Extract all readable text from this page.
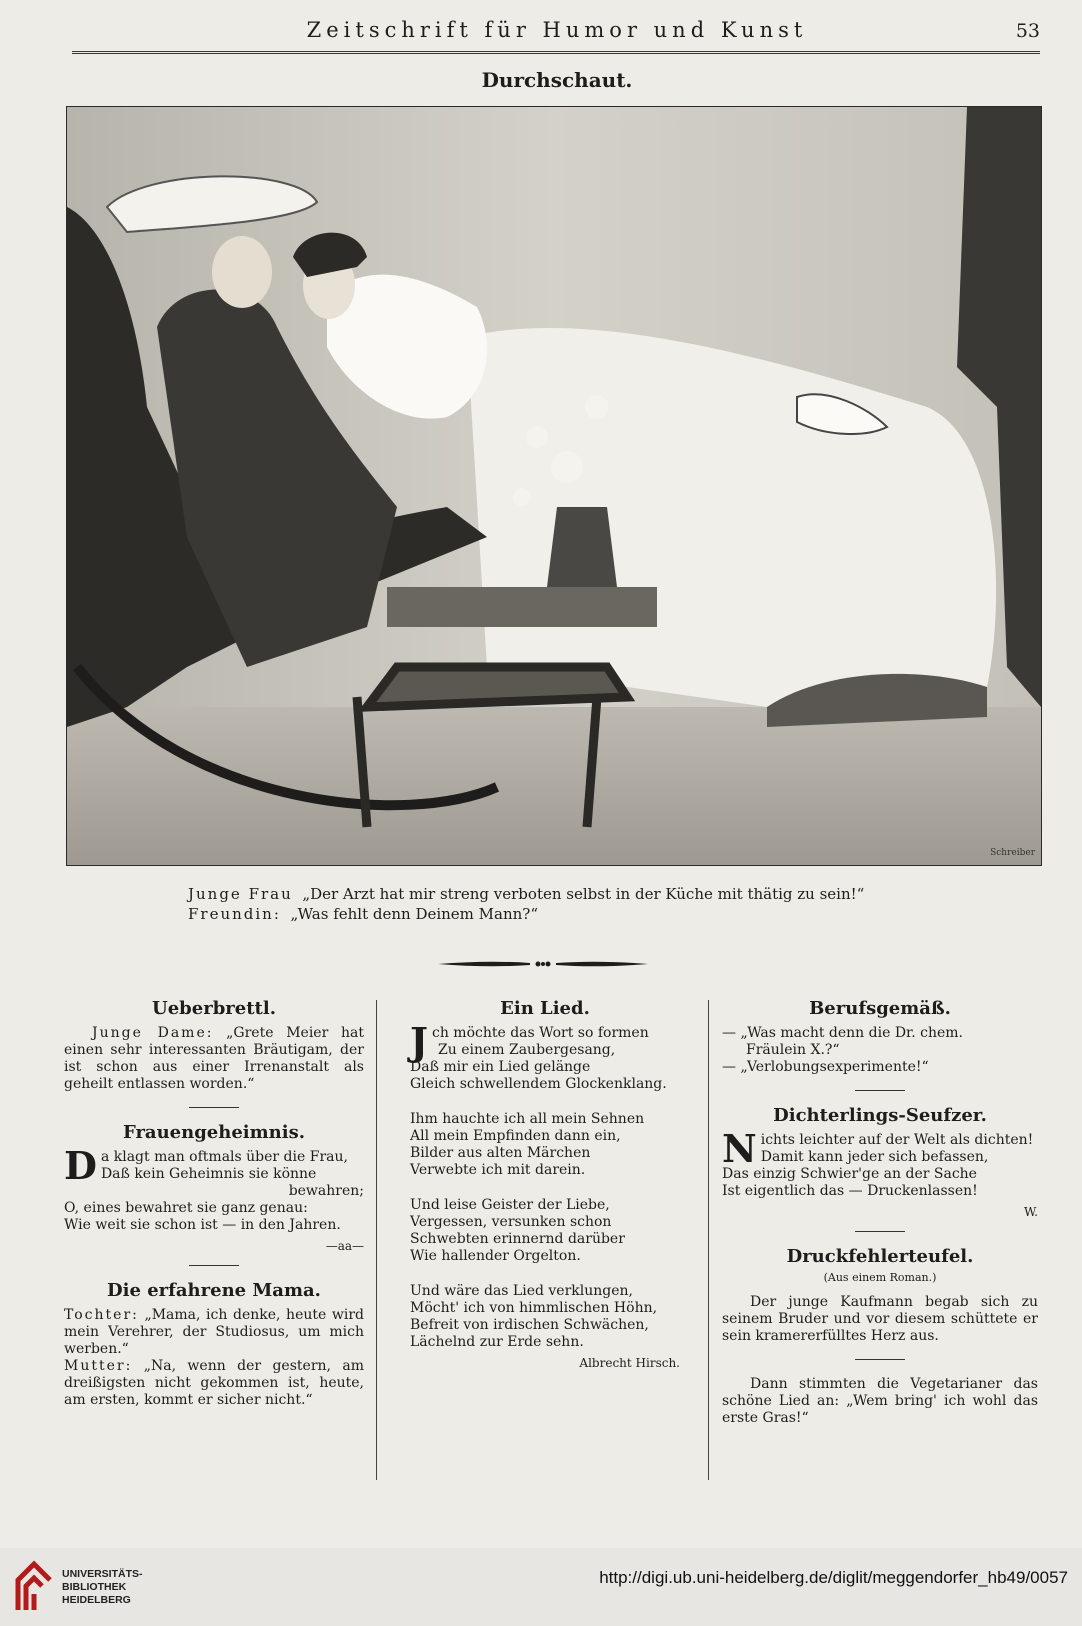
Zeitschrift für Humor und Kunst	53
Durchschaut.
Schreiber
Junge Frau „Der Arzt hat mir streng verboten selbst in der Küche mit thätig zu sein!“
Freundin: „Was fehlt denn Deinem Mann?“
Ueberbrettl.

Junge Dame: „Grete Meier hat einen sehr interessanten Bräutigam, der ist schon aus einer Irrenanstalt als geheilt entlassen worden.“

Frauengeheimnis.
D a klagt man oftmals über die Frau,
Daß kein Geheimnis sie könne
bewahren;
O, eines bewahret sie ganz genau:
Wie weit sie schon ist — in den Jahren.
—aa—
Die erfahrene Mama.

Tochter: „Mama, ich denke, heute wird mein Verehrer, der Studiosus, um mich werben.“

Mutter: „Na, wenn der gestern, am dreißigsten nicht gekommen ist, heute, am ersten, kommt er sicher nicht.“

Ein Lied.
J ch möchte das Wort so formen
Zu einem Zaubergesang,
Daß mir ein Lied gelänge
Gleich schwellendem Glockenklang.
Ihm hauchte ich all mein Sehnen
All mein Empfinden dann ein,
Bilder aus alten Märchen
Verwebte ich mit darein.
Und leise Geister der Liebe,
Vergessen, versunken schon
Schwebten erinnernd darüber
Wie hallender Orgelton.
Und wäre das Lied verklungen,
Möcht' ich von himmlischen Höhn,
Befreit von irdischen Schwächen,
Lächelnd zur Erde sehn.
Albrecht Hirsch.
Berufsgemäß.
— „Was macht denn die Dr. chem.
Fräulein X.?“
— „Verlobungsexperimente!“
Dichterlings-Seufzer.
N ichts leichter auf der Welt als dichten!
Damit kann jeder sich befassen,
Das einzig Schwier'ge an der Sache
Ist eigentlich das — Druckenlassen!
W.
Druckfehlerteufel.
(Aus einem Roman.)

Der junge Kaufmann begab sich zu seinem Bruder und vor diesem schüttete er sein kramererfülltes Herz aus.

Dann stimmten die Vegetarianer das schöne Lied an: „Wem bring' ich wohl das erste Gras!“

UNIVERSITÄTS-
BIBLIOTHEK
HEIDELBERG
http://digi.ub.uni-heidelberg.de/diglit/meggendorfer_hb49/0057
